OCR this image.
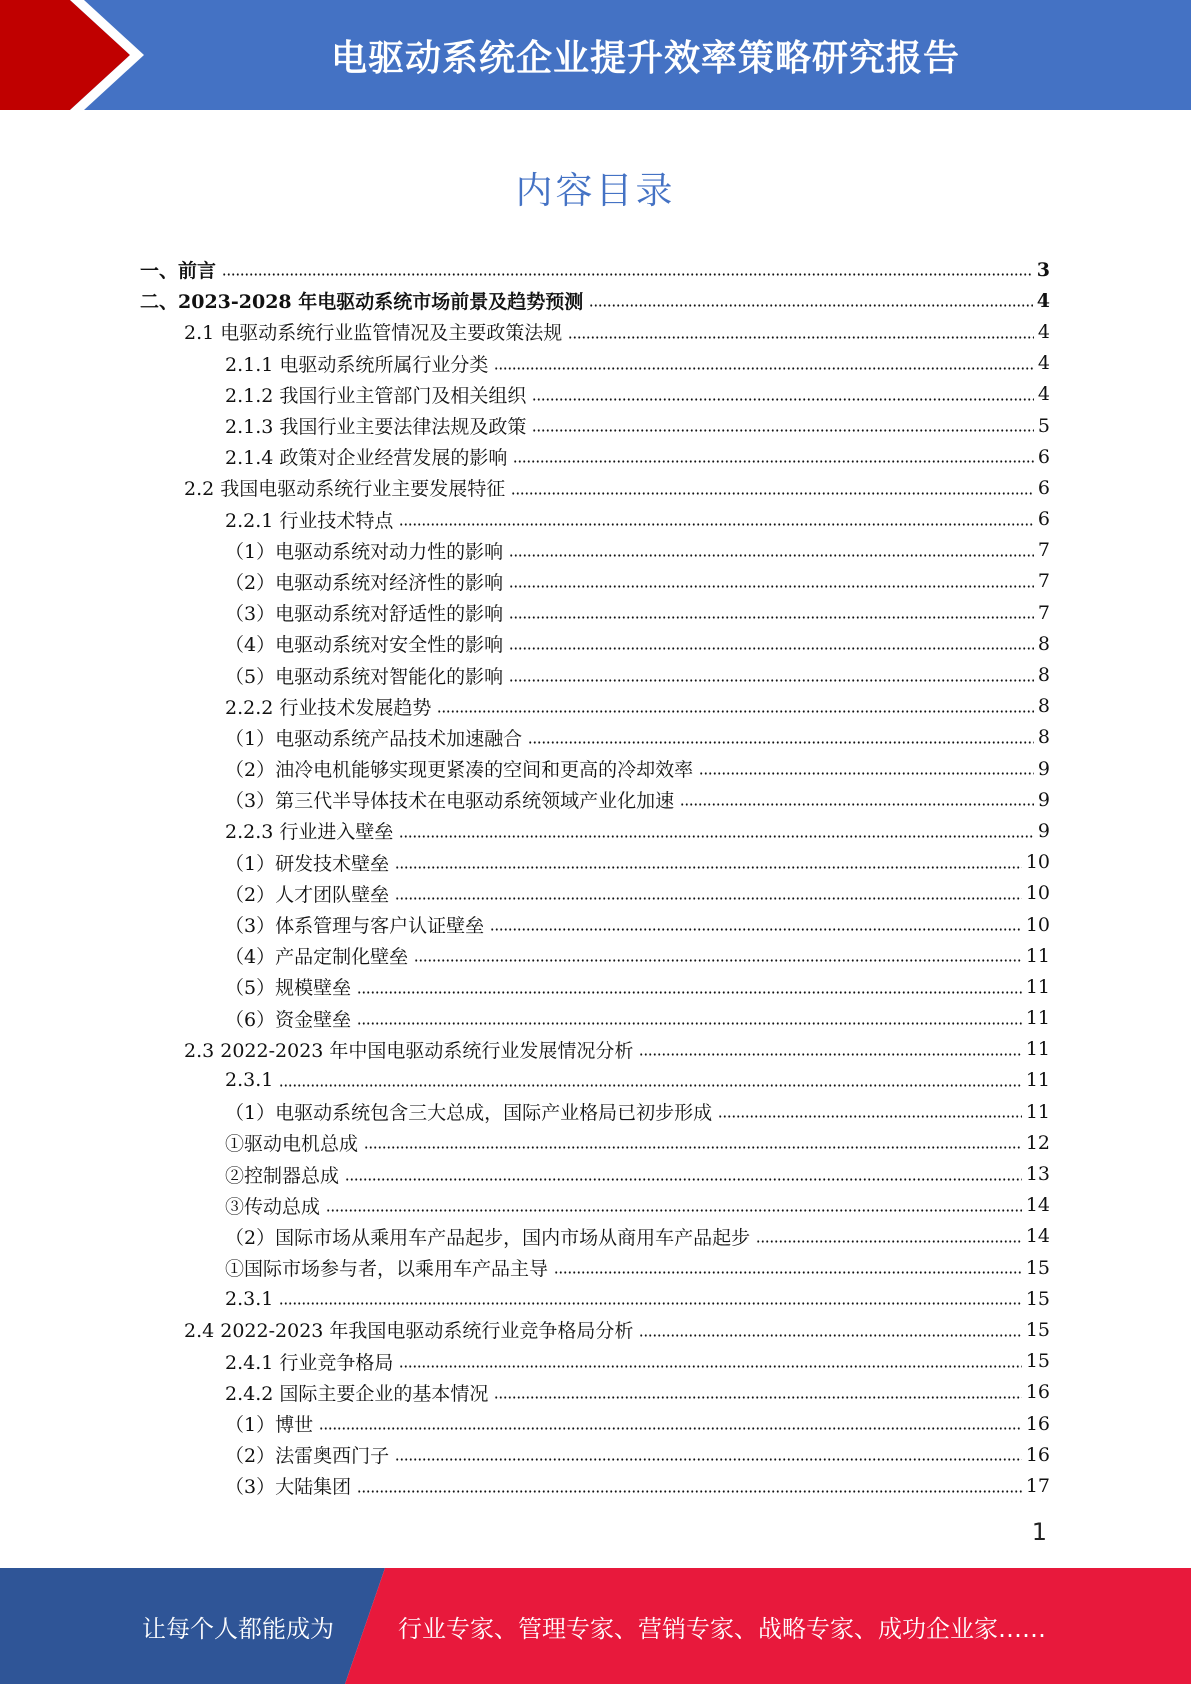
电驱动系统企业提升效率策略研究报告
内容目录
一、前言	3
二、2023-2028 年电驱动系统市场前景及趋势预测	4
2.1 电驱动系统行业监管情况及主要政策法规	4
2.1.1 电驱动系统所属行业分类	4
2.1.2 我国行业主管部门及相关组织	4
2.1.3 我国行业主要法律法规及政策	5
2.1.4 政策对企业经营发展的影响	6
2.2 我国电驱动系统行业主要发展特征	6
2.2.1 行业技术特点	6
（1）电驱动系统对动力性的影响	7
（2）电驱动系统对经济性的影响	7
（3）电驱动系统对舒适性的影响	7
（4）电驱动系统对安全性的影响	8
（5）电驱动系统对智能化的影响	8
2.2.2 行业技术发展趋势	8
（1）电驱动系统产品技术加速融合	8
（2）油冷电机能够实现更紧凑的空间和更高的冷却效率	9
（3）第三代半导体技术在电驱动系统领域产业化加速	9
2.2.3 行业进入壁垒	9
（1）研发技术壁垒	10
（2）人才团队壁垒	10
（3）体系管理与客户认证壁垒	10
（4）产品定制化壁垒	11
（5）规模壁垒	11
（6）资金壁垒	11
2.3 2022-2023 年中国电驱动系统行业发展情况分析	11
2.3.1	11
（1）电驱动系统包含三大总成，国际产业格局已初步形成	11
①驱动电机总成	12
②控制器总成	13
③传动总成	14
（2）国际市场从乘用车产品起步，国内市场从商用车产品起步	14
①国际市场参与者，以乘用车产品主导	15
2.3.1	15
2.4 2022-2023 年我国电驱动系统行业竞争格局分析	15
2.4.1 行业竞争格局	15
2.4.2 国际主要企业的基本情况	16
（1）博世	16
（2）法雷奥西门子	16
（3）大陆集团	17
1
让每个人都能成为	行业专家、管理专家、营销专家、战略专家、成功企业家……
